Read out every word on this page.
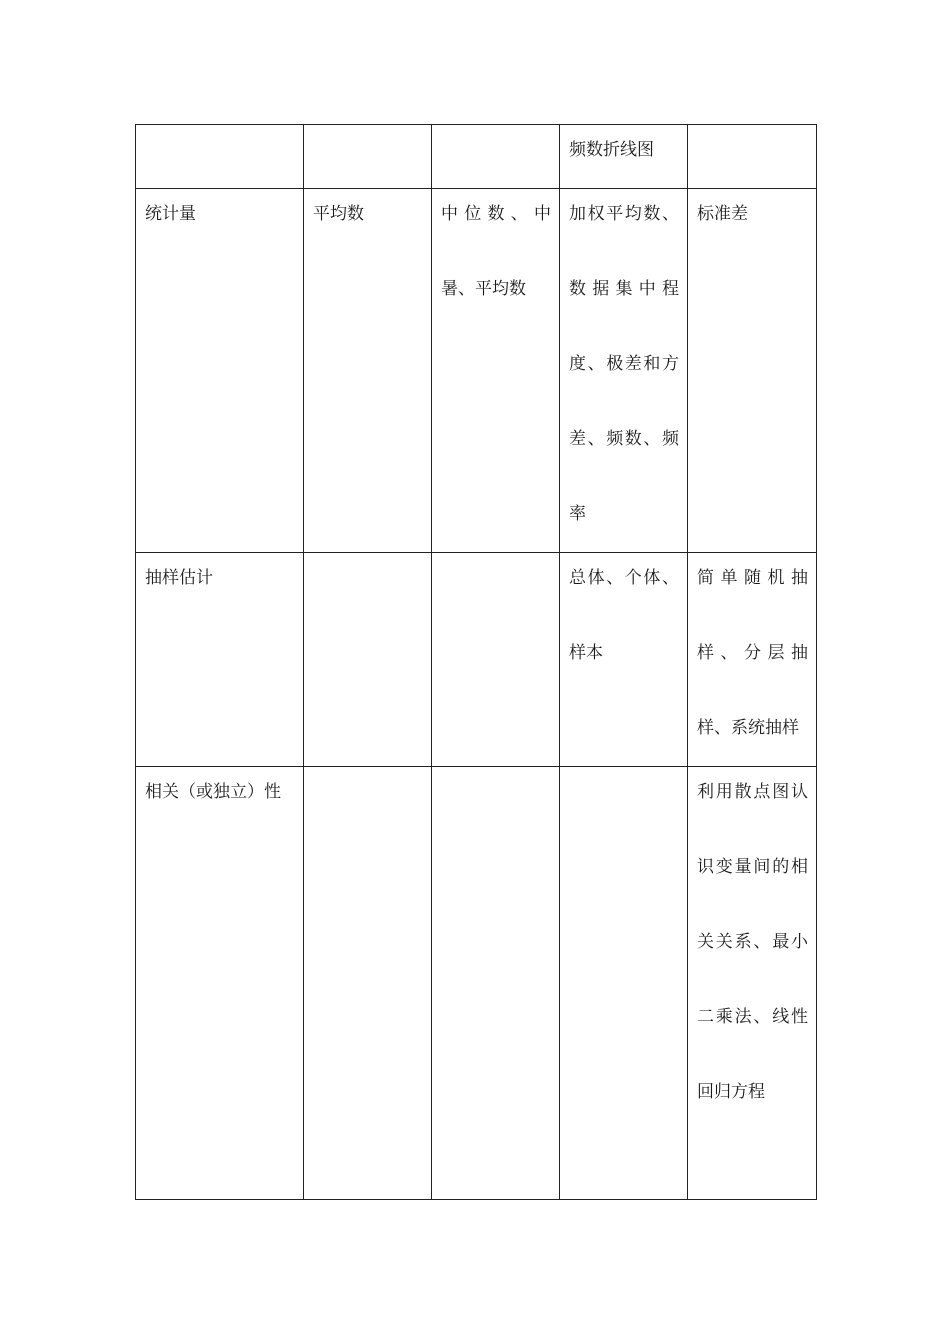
			频数折线图	

统计量	平均数	中位数、中暑、平均数	加权平均数、数据集中程度、极差和方差、频数、频率	标准差

抽样估计			总体、个体、样本	简单随机抽样、分层抽样、系统抽样

相关（或独立）性				利用散点图认识变量间的相关关系、最小二乘法、线性回归方程
